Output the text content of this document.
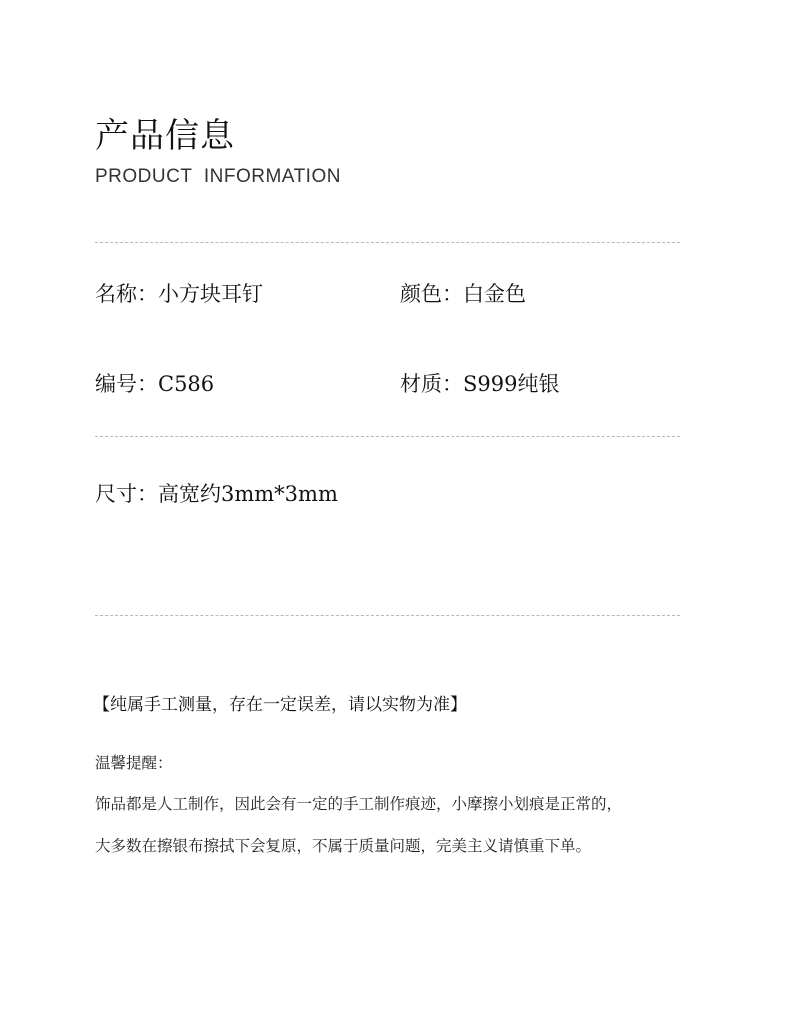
产品信息
PRODUCT INFORMATION
名称：小方块耳钉	颜色：白金色
编号：C586	材质：S999纯银
尺寸：高宽约3mm*3mm
【纯属手工测量，存在一定误差，请以实物为准】
温馨提醒：
饰品都是人工制作，因此会有一定的手工制作痕迹，小摩擦小划痕是正常的，
大多数在擦银布擦拭下会复原，不属于质量问题，完美主义请慎重下单。
